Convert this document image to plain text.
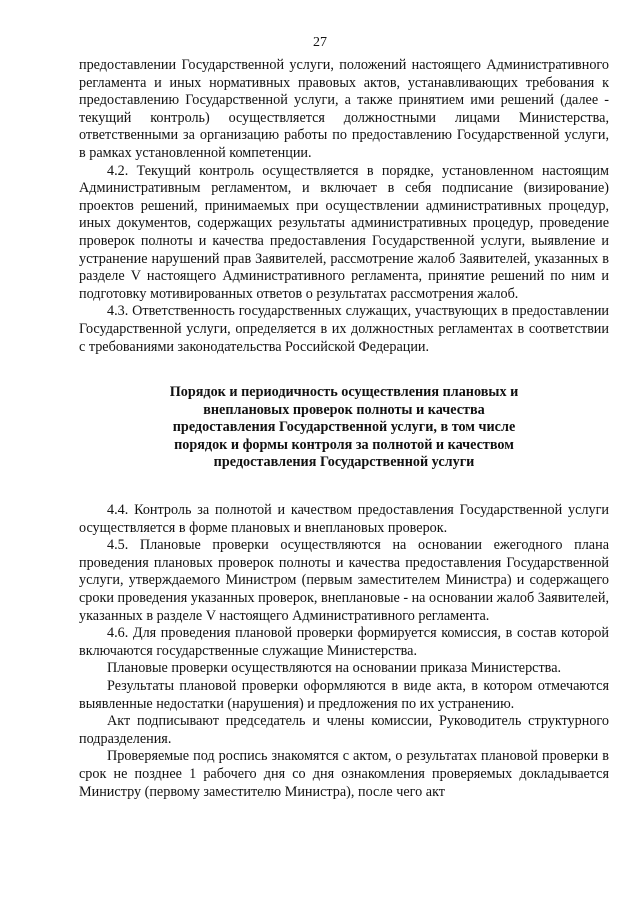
27

предоставлении Государственной услуги, положений настоящего Административного регламента и иных нормативных правовых актов, устанавливающих требования к предоставлению Государственной услуги, а также принятием ими решений (далее - текущий контроль) осуществляется должностными лицами Министерства, ответственными за организацию работы по предоставлению Государственной услуги, в рамках установленной компетенции.

4.2. Текущий контроль осуществляется в порядке, установленном настоящим Административным регламентом, и включает в себя подписание (визирование) проектов решений, принимаемых при осуществлении административных процедур, иных документов, содержащих результаты административных процедур, проведение проверок полноты и качества предоставления Государственной услуги, выявление и устранение нарушений прав Заявителей, рассмотрение жалоб Заявителей, указанных в разделе V настоящего Административного регламента, принятие решений по ним и подготовку мотивированных ответов о результатах рассмотрения жалоб.

4.3. Ответственность государственных служащих, участвующих в предоставлении Государственной услуги, определяется в их должностных регламентах в соответствии с требованиями законодательства Российской Федерации.

Порядок и периодичность осуществления плановых и
внеплановых проверок полноты и качества
предоставления Государственной услуги, в том числе
порядок и формы контроля за полнотой и качеством
предоставления Государственной услуги

4.4. Контроль за полнотой и качеством предоставления Государственной услуги осуществляется в форме плановых и внеплановых проверок.

4.5. Плановые проверки осуществляются на основании ежегодного плана проведения плановых проверок полноты и качества предоставления Государственной услуги, утверждаемого Министром (первым заместителем Министра) и содержащего сроки проведения указанных проверок, внеплановые - на основании жалоб Заявителей, указанных в разделе V настоящего Административного регламента.

4.6. Для проведения плановой проверки формируется комиссия, в состав которой включаются государственные служащие Министерства.

Плановые проверки осуществляются на основании приказа Министерства.

Результаты плановой проверки оформляются в виде акта, в котором отмечаются выявленные недостатки (нарушения) и предложения по их устранению.

Акт подписывают председатель и члены комиссии, Руководитель структурного подразделения.

Проверяемые под роспись знакомятся с актом, о результатах плановой проверки в срок не позднее 1 рабочего дня со дня ознакомления проверяемых докладывается Министру (первому заместителю Министра), после чего акт
